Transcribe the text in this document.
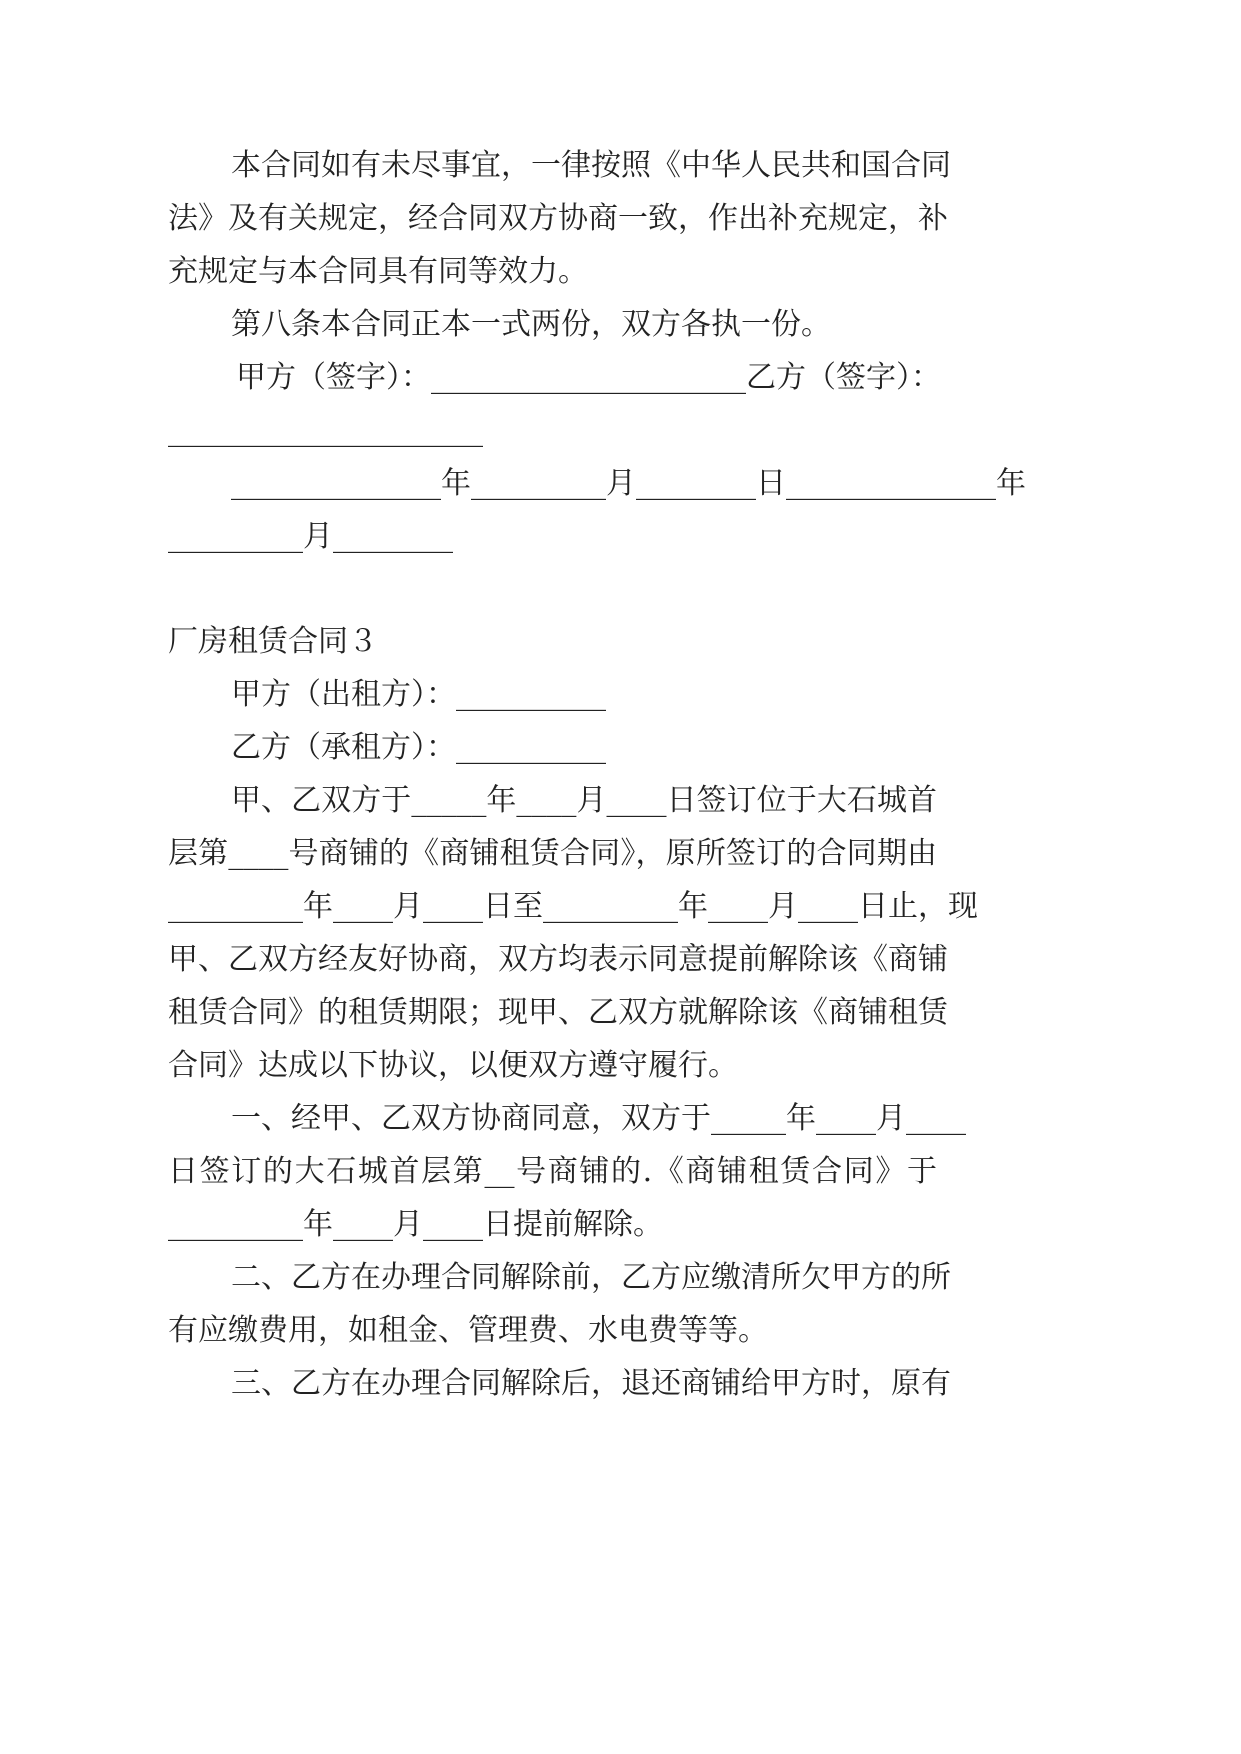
本合同如有未尽事宜，一律按照《中华人民共和国合同

法》及有关规定，经合同双方协商一致，作出补充规定，补

充规定与本合同具有同等效力。

第八条本合同正本一式两份，双方各执一份。

甲方（签字）：_____________________乙方（签字）：

_____________________

______________年_________月________日______________年

_________月________

厂房租赁合同３

甲方（出租方）：__________

乙方（承租方）：__________

甲、乙双方于_____年____月____日签订位于大石城首

层第____号商铺的《商铺租赁合同》，原所签订的合同期由

_________年____月____日至_________年____月____日止，现

甲、乙双方经友好协商，双方均表示同意提前解除该《商铺

租赁合同》的租赁期限；现甲、乙双方就解除该《商铺租赁

合同》达成以下协议，以便双方遵守履行。

一、经甲、乙双方协商同意，双方于_____年____月____

日签订的大石城首层第__号商铺的.《商铺租赁合同》于

_________年____月____日提前解除。

二、乙方在办理合同解除前，乙方应缴清所欠甲方的所

有应缴费用，如租金、管理费、水电费等等。

三、乙方在办理合同解除后，退还商铺给甲方时，原有
